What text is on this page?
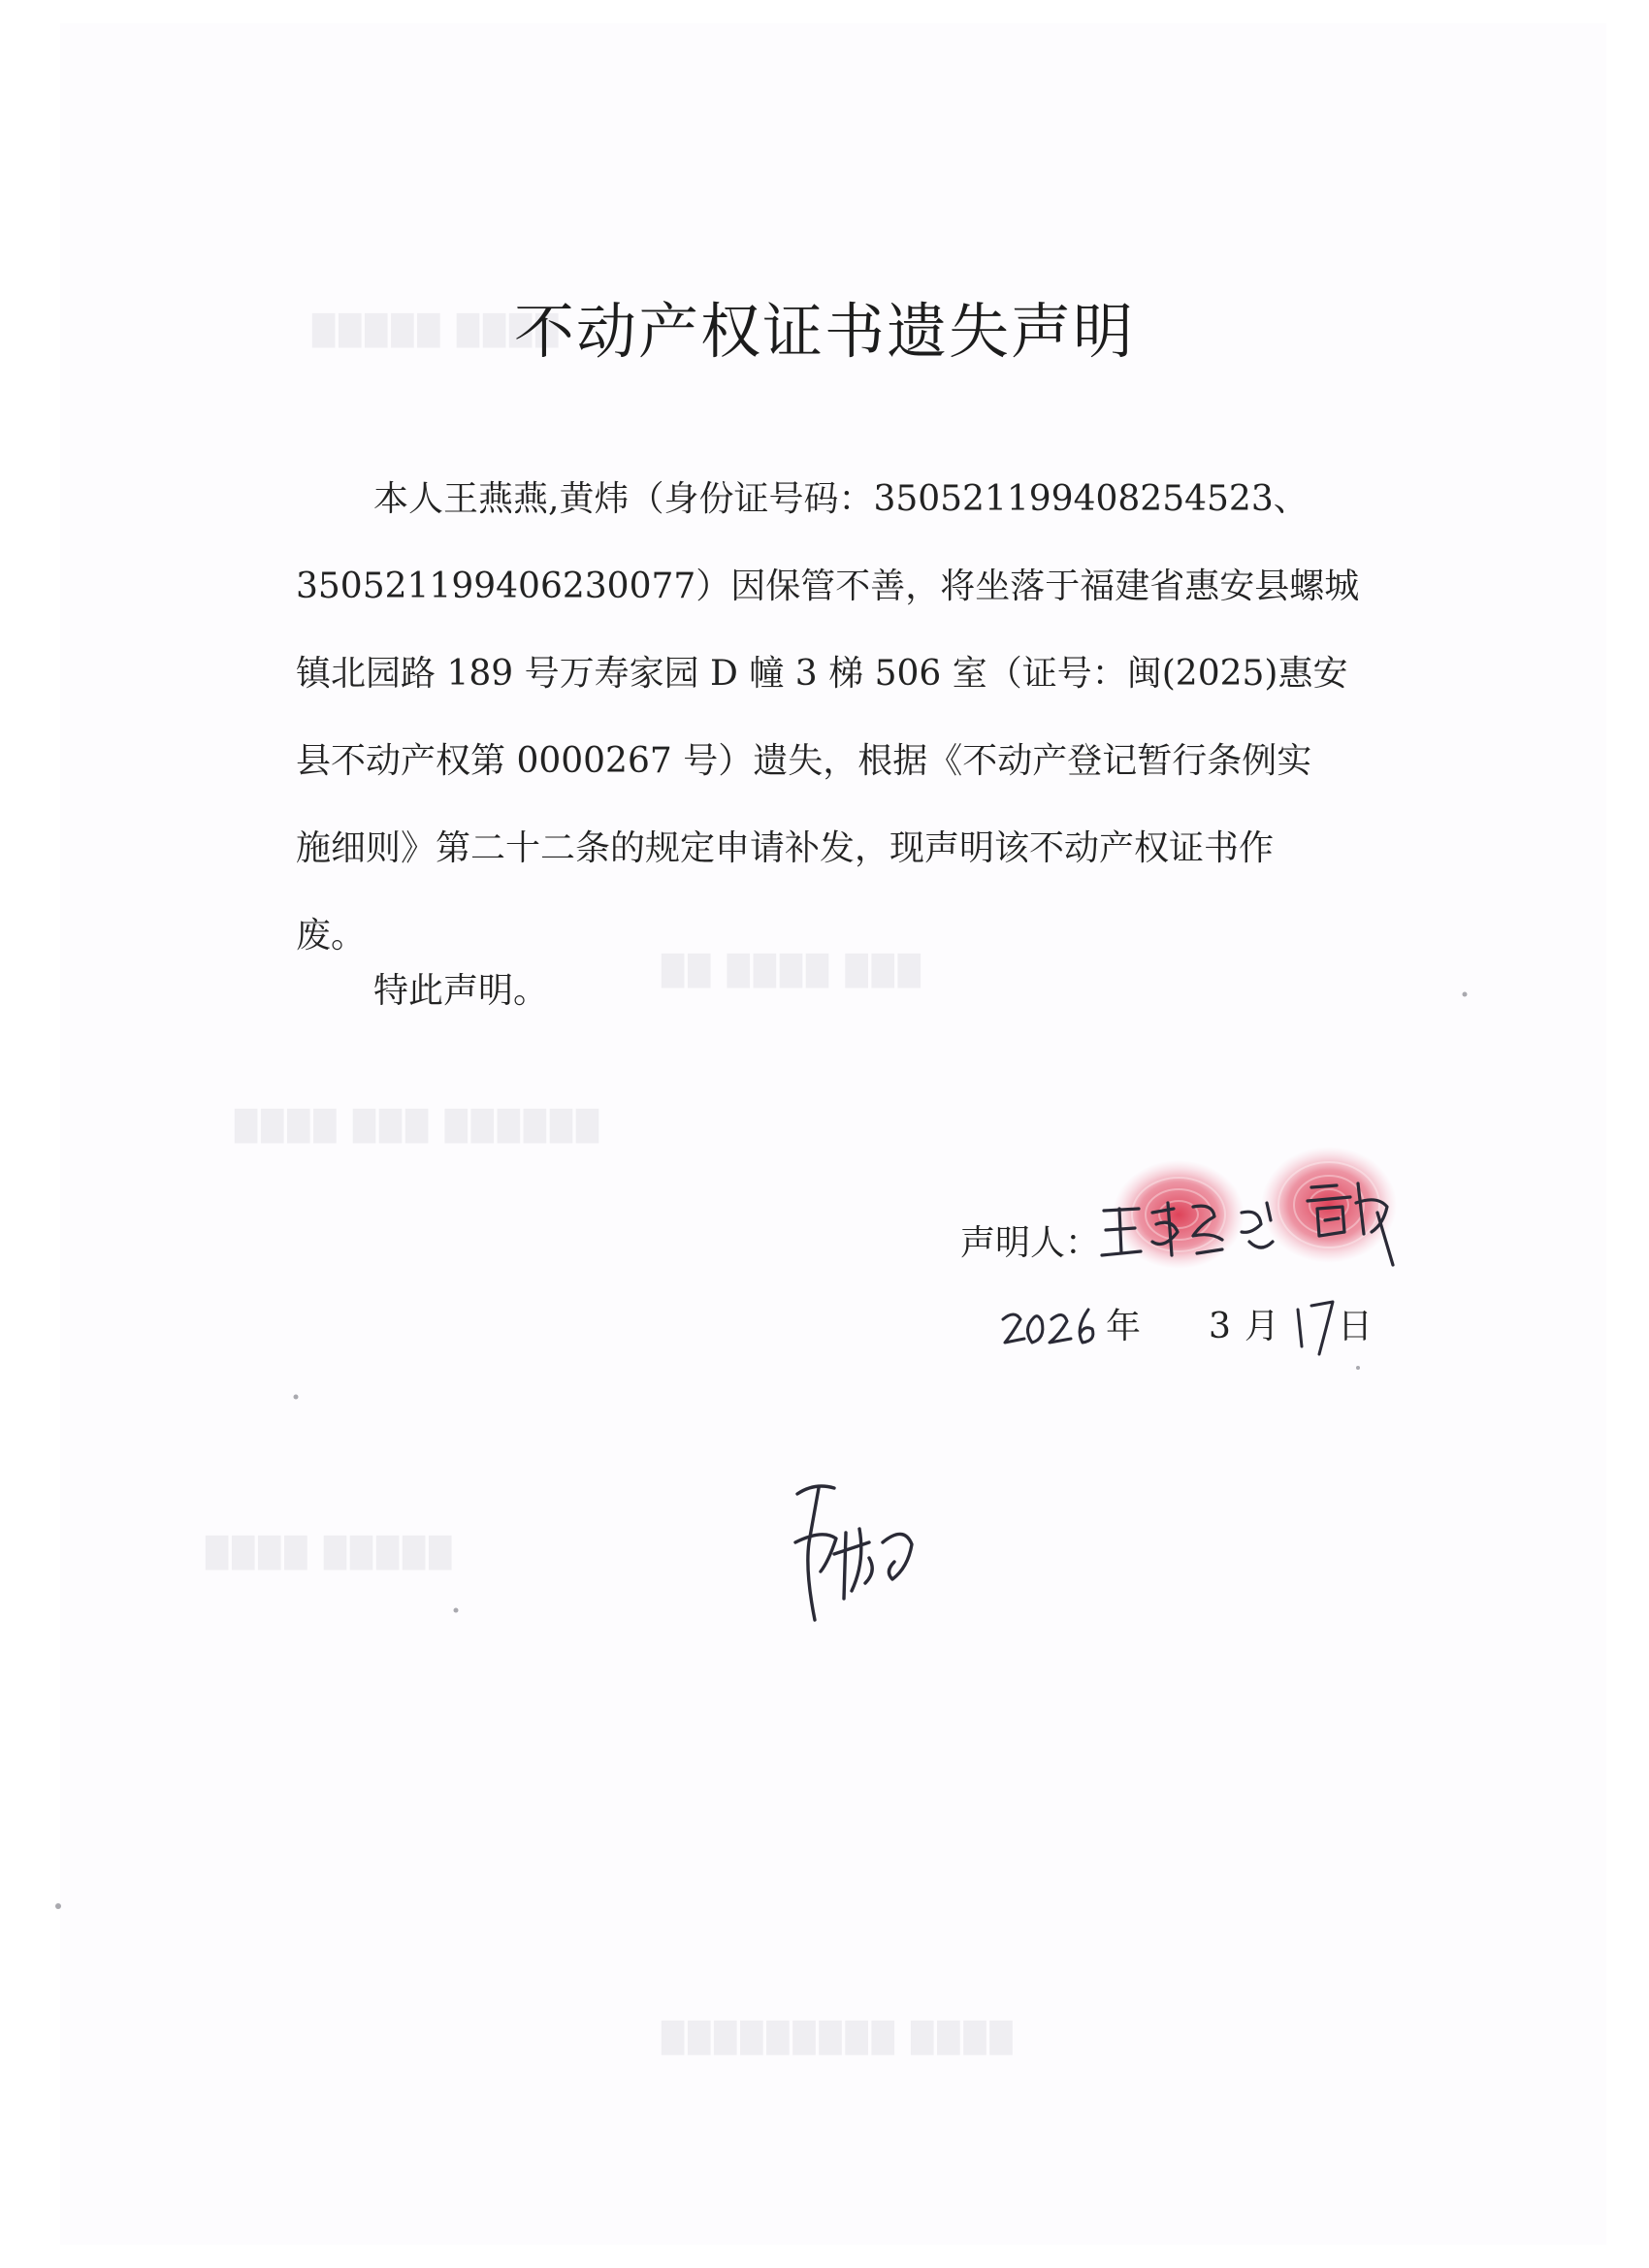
█████ ████
██ ████ ███
████ ███ ██████
████ █████
█████████ ████
不动产权证书遗失声明
本人王燕燕,黄炜（身份证号码：350521199408254523、
350521199406230077）因保管不善，将坐落于福建省惠安县螺城
镇北园路 189 号万寿家园 D 幢 3 梯 506 室（证号：闽(2025)惠安
县不动产权第 0000267 号）遗失，根据《不动产登记暂行条例实
施细则》第二十二条的规定申请补发，现声明该不动产权证书作
废。
特此声明。
声明人：
年 3 月 日
